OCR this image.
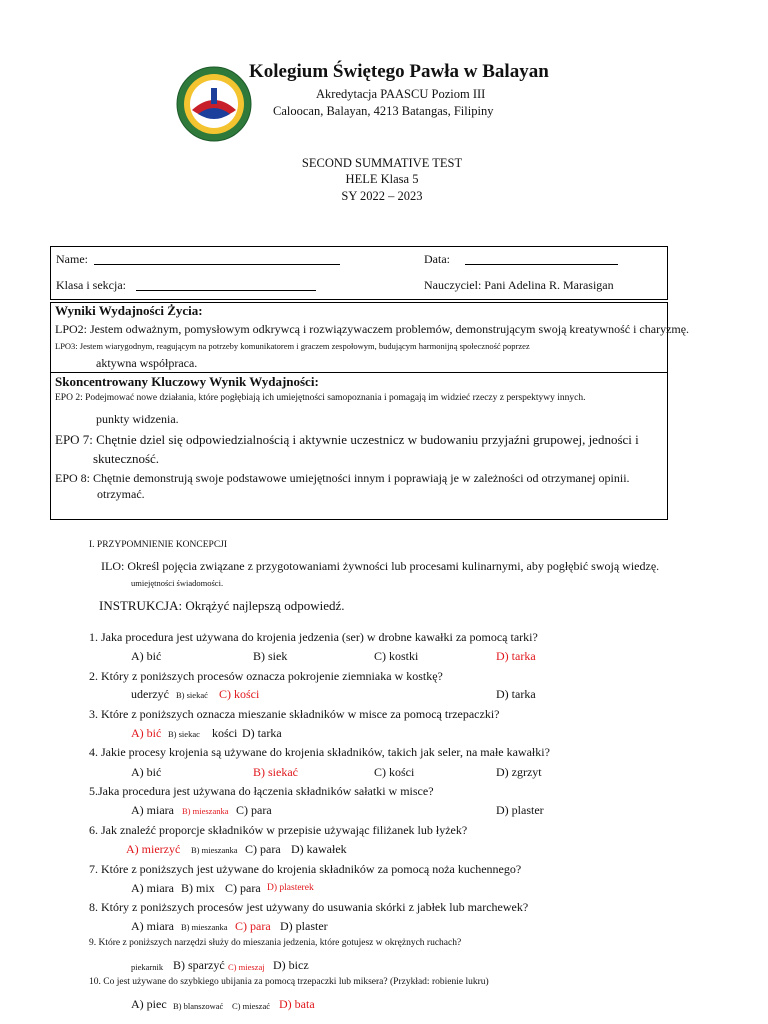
Kolegium Świętego Pawła w Balayan
Akredytacja PAASCU Poziom III
Caloocan, Balayan, 4213 Batangas, Filipiny
SECOND SUMMATIVE TEST
HELE Klasa 5
SY 2022 – 2023
Name:	Data:
Klasa i sekcja:	Nauczyciel: Pani Adelina R. Marasigan
Wyniki Wydajności Życia:
LPO2: Jestem odważnym, pomysłowym odkrywcą i rozwiązywaczem problemów, demonstrującym swoją kreatywność i charyzmę.
LPO3: Jestem wiarygodnym, reagującym na potrzeby komunikatorem i graczem zespołowym, budującym harmonijną społeczność poprzez
aktywna współpraca.
Skoncentrowany Kluczowy Wynik Wydajności:
EPO 2: Podejmować nowe działania, które pogłębiają ich umiejętności samopoznania i pomagają im widzieć rzeczy z perspektywy innych.
punkty widzenia.
EPO 7: Chętnie dziel się odpowiedzialnością i aktywnie uczestnicz w budowaniu przyjaźni grupowej, jedności i
skuteczność.
EPO 8: Chętnie demonstrują swoje podstawowe umiejętności innym i poprawiają je w zależności od otrzymanej opinii.
otrzymać.
I. PRZYPOMNIENIE KONCEPCJI
ILO: Określ pojęcia związane z przygotowaniami żywności lub procesami kulinarnymi, aby pogłębić swoją wiedzę.
umiejętności świadomości.
INSTRUKCJA: Okrążyć najlepszą odpowiedź.
1. Jaka procedura jest używana do krojenia jedzenia (ser) w drobne kawałki za pomocą tarki?
A) bić	B) siek	C) kostki	D) tarka
2. Który z poniższych procesów oznacza pokrojenie ziemniaka w kostkę?
uderzyć B) siekać C) kości	D) tarka
3. Które z poniższych oznacza mieszanie składników w misce za pomocą trzepaczki?
A) bić B) siekac kości D) tarka
4. Jakie procesy krojenia są używane do krojenia składników, takich jak seler, na małe kawałki?
A) bić	B) siekać	C) kości	D) zgrzyt
5.Jaka procedura jest używana do łączenia składników sałatki w misce?
A) miara B) mieszanka C) para	D) plaster
6. Jak znaleźć proporcje składników w przepisie używając filiżanek lub łyżek?
A) mierzyć B) mieszanka C) para D) kawałek
7. Które z poniższych jest używane do krojenia składników za pomocą noża kuchennego?
A) miara B) mix C) para D) plasterek
8. Który z poniższych procesów jest używany do usuwania skórki z jabłek lub marchewek?
A) miara B) mieszanka C) para D) plaster
9. Które z poniższych narzędzi służy do mieszania jedzenia, które gotujesz w okrężnych ruchach?
piekarnik B) sparzyć C) mieszaj D) bicz
10. Co jest używane do szybkiego ubijania za pomocą trzepaczki lub miksera? (Przykład: robienie lukru)
A) piec B) blanszować C) mieszać D) bata
